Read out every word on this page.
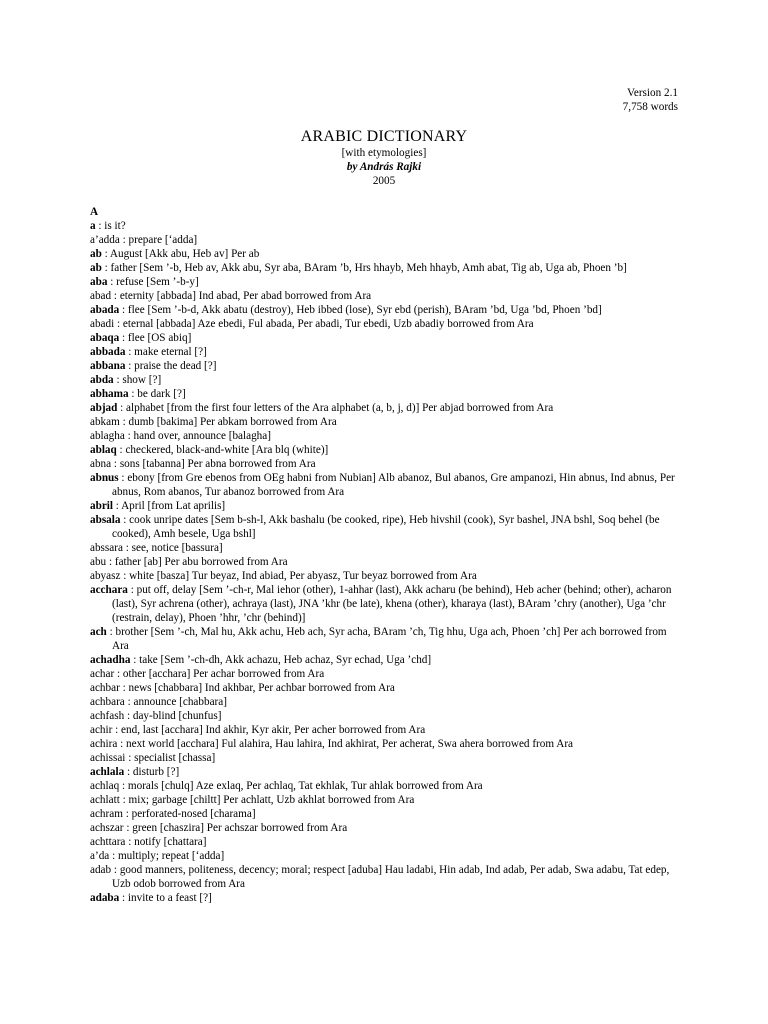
Version 2.1
7,758 words
ARABIC DICTIONARY
[with etymologies]
by András Rajki
2005
A
a : is it?
a’adda : prepare [‘adda]
ab : August [Akk abu, Heb av] Per ab
ab : father [Sem ’-b, Heb av, Akk abu, Syr aba, BAram ’b, Hrs hhayb, Meh hhayb, Amh abat, Tig ab, Uga ab, Phoen ’b]
aba : refuse [Sem ’-b-y]
abad : eternity [abbada] Ind abad, Per abad borrowed from Ara
abada : flee [Sem ’-b-d, Akk abatu (destroy), Heb ibbed (lose), Syr ebd (perish), BAram ’bd, Uga ’bd, Phoen ’bd]
abadi : eternal [abbada] Aze ebedi, Ful abada, Per abadi, Tur ebedi, Uzb abadiy borrowed from Ara
abaqa : flee [OS abiq]
abbada : make eternal [?]
abbana : praise the dead [?]
abda : show [?]
abhama : be dark [?]
abjad : alphabet [from the first four letters of the Ara alphabet (a, b, j, d)] Per abjad borrowed from Ara
abkam : dumb [bakima] Per abkam borrowed from Ara
ablagha : hand over, announce [balagha]
ablaq : checkered, black-and-white [Ara blq (white)]
abna : sons [tabanna] Per abna borrowed from Ara
abnus : ebony [from Gre ebenos from OEg habni from Nubian] Alb abanoz, Bul abanos, Gre ampanozi, Hin abnus, Ind abnus, Per abnus, Rom abanos, Tur abanoz borrowed from Ara
abril : April [from Lat aprilis]
absala : cook unripe dates [Sem b-sh-l, Akk bashalu (be cooked, ripe), Heb hivshil (cook), Syr bashel, JNA bshl, Soq behel (be cooked), Amh besele, Uga bshl]
abssara : see, notice [bassura]
abu : father [ab] Per abu borrowed from Ara
abyasz : white [basza] Tur beyaz, Ind abiad, Per abyasz, Tur beyaz borrowed from Ara
acchara : put off, delay [Sem ’-ch-r, Mal iehor (other), 1-ahhar (last), Akk acharu (be behind), Heb acher (behind; other), acharon (last), Syr achrena (other), achraya (last), JNA ’khr (be late), khena (other), kharaya (last), BAram ’chry (another), Uga ’chr (restrain, delay), Phoen ’hhr, ’chr (behind)]
ach : brother [Sem ’-ch, Mal hu, Akk achu, Heb ach, Syr acha, BAram ’ch, Tig hhu, Uga ach, Phoen ’ch] Per ach borrowed from Ara
achadha : take [Sem ’-ch-dh, Akk achazu, Heb achaz, Syr echad, Uga ’chd]
achar : other [acchara] Per achar borrowed from Ara
achbar : news [chabbara] Ind akhbar, Per achbar borrowed from Ara
achbara : announce [chabbara]
achfash : day-blind [chunfus]
achir : end, last [acchara] Ind akhir, Kyr akir, Per acher borrowed from Ara
achira : next world [acchara] Ful alahira, Hau lahira, Ind akhirat, Per acherat, Swa ahera borrowed from Ara
achissai : specialist [chassa]
achlala : disturb [?]
achlaq : morals [chulq] Aze exlaq, Per achlaq, Tat ekhlak, Tur ahlak borrowed from Ara
achlatt : mix; garbage [chiltt] Per achlatt, Uzb akhlat borrowed from Ara
achram : perforated-nosed [charama]
achszar : green [chaszira] Per achszar borrowed from Ara
achttara : notify [chattara]
a’da : multiply; repeat [‘adda]
adab : good manners, politeness, decency; moral; respect [aduba] Hau ladabi, Hin adab, Ind adab, Per adab, Swa adabu, Tat edep, Uzb odob borrowed from Ara
adaba : invite to a feast [?]
